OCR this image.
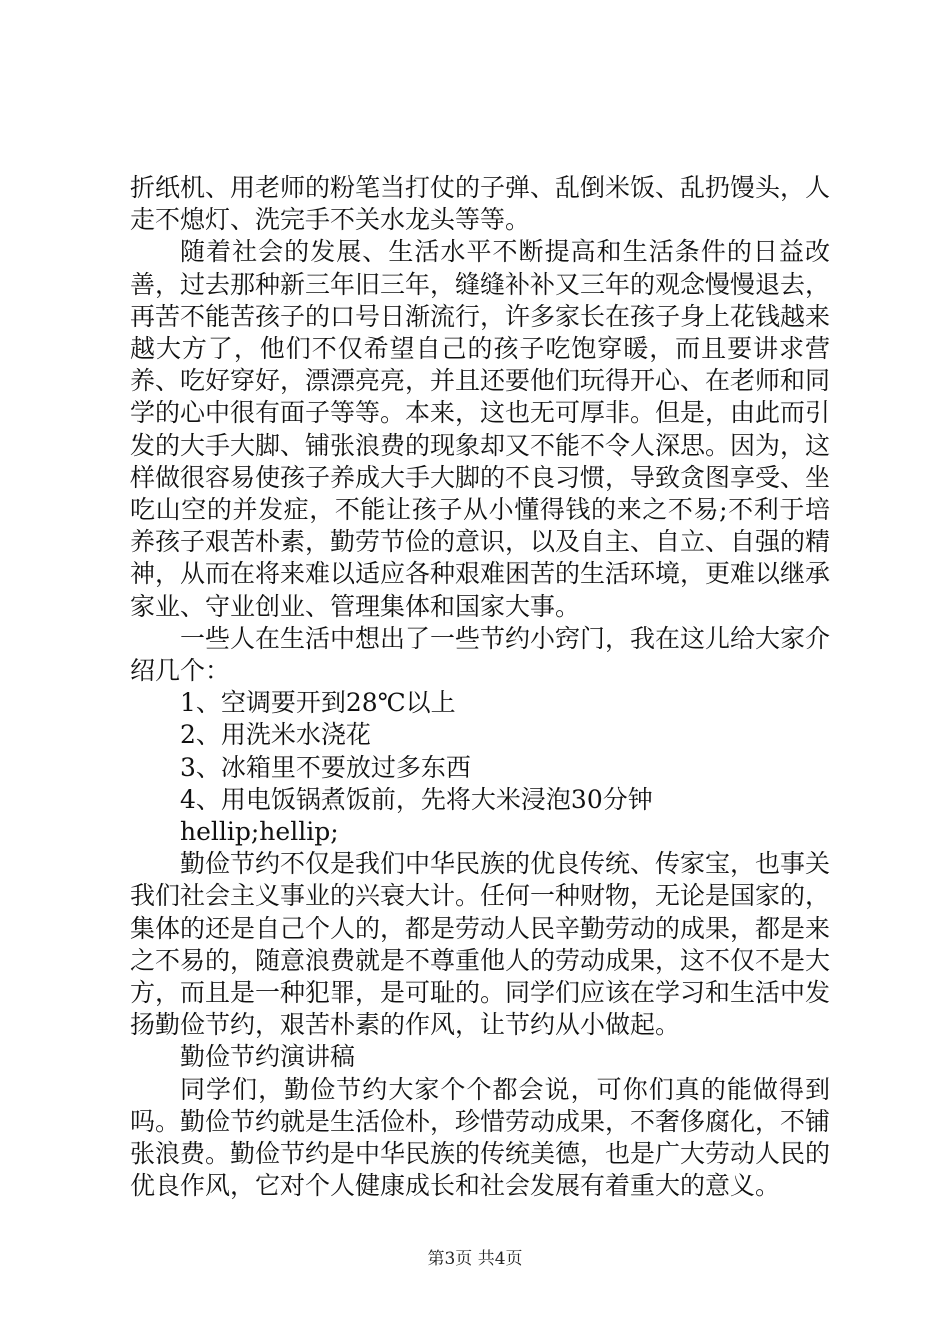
折纸机、用老师的粉笔当打仗的子弹、乱倒米饭、乱扔馒头，人走不熄灯、洗完手不关水龙头等等。

随着社会的发展、生活水平不断提高和生活条件的日益改善，过去那种新三年旧三年，缝缝补补又三年的观念慢慢退去，再苦不能苦孩子的口号日渐流行，许多家长在孩子身上花钱越来越大方了，他们不仅希望自己的孩子吃饱穿暖，而且要讲求营养、吃好穿好，漂漂亮亮，并且还要他们玩得开心、在老师和同学的心中很有面子等等。本来，这也无可厚非。但是，由此而引发的大手大脚、铺张浪费的现象却又不能不令人深思。因为，这样做很容易使孩子养成大手大脚的不良习惯，导致贪图享受、坐吃山空的并发症，不能让孩子从小懂得钱的来之不易;不利于培养孩子艰苦朴素，勤劳节俭的意识，以及自主、自立、自强的精神，从而在将来难以适应各种艰难困苦的生活环境，更难以继承家业、守业创业、管理集体和国家大事。

一些人在生活中想出了一些节约小窍门，我在这儿给大家介绍几个：

1、空调要开到28℃以上

2、用洗米水浇花

3、冰箱里不要放过多东西

4、用电饭锅煮饭前，先将大米浸泡30分钟

hellip;hellip;

勤俭节约不仅是我们中华民族的优良传统、传家宝，也事关我们社会主义事业的兴衰大计。任何一种财物，无论是国家的，集体的还是自己个人的，都是劳动人民辛勤劳动的成果，都是来之不易的，随意浪费就是不尊重他人的劳动成果，这不仅不是大方，而且是一种犯罪，是可耻的。同学们应该在学习和生活中发扬勤俭节约，艰苦朴素的作风，让节约从小做起。

勤俭节约演讲稿

同学们，勤俭节约大家个个都会说，可你们真的能做得到吗。勤俭节约就是生活俭朴，珍惜劳动成果，不奢侈腐化，不铺张浪费。勤俭节约是中华民族的传统美德，也是广大劳动人民的优良作风，它对个人健康成长和社会发展有着重大的意义。

第3页 共4页
